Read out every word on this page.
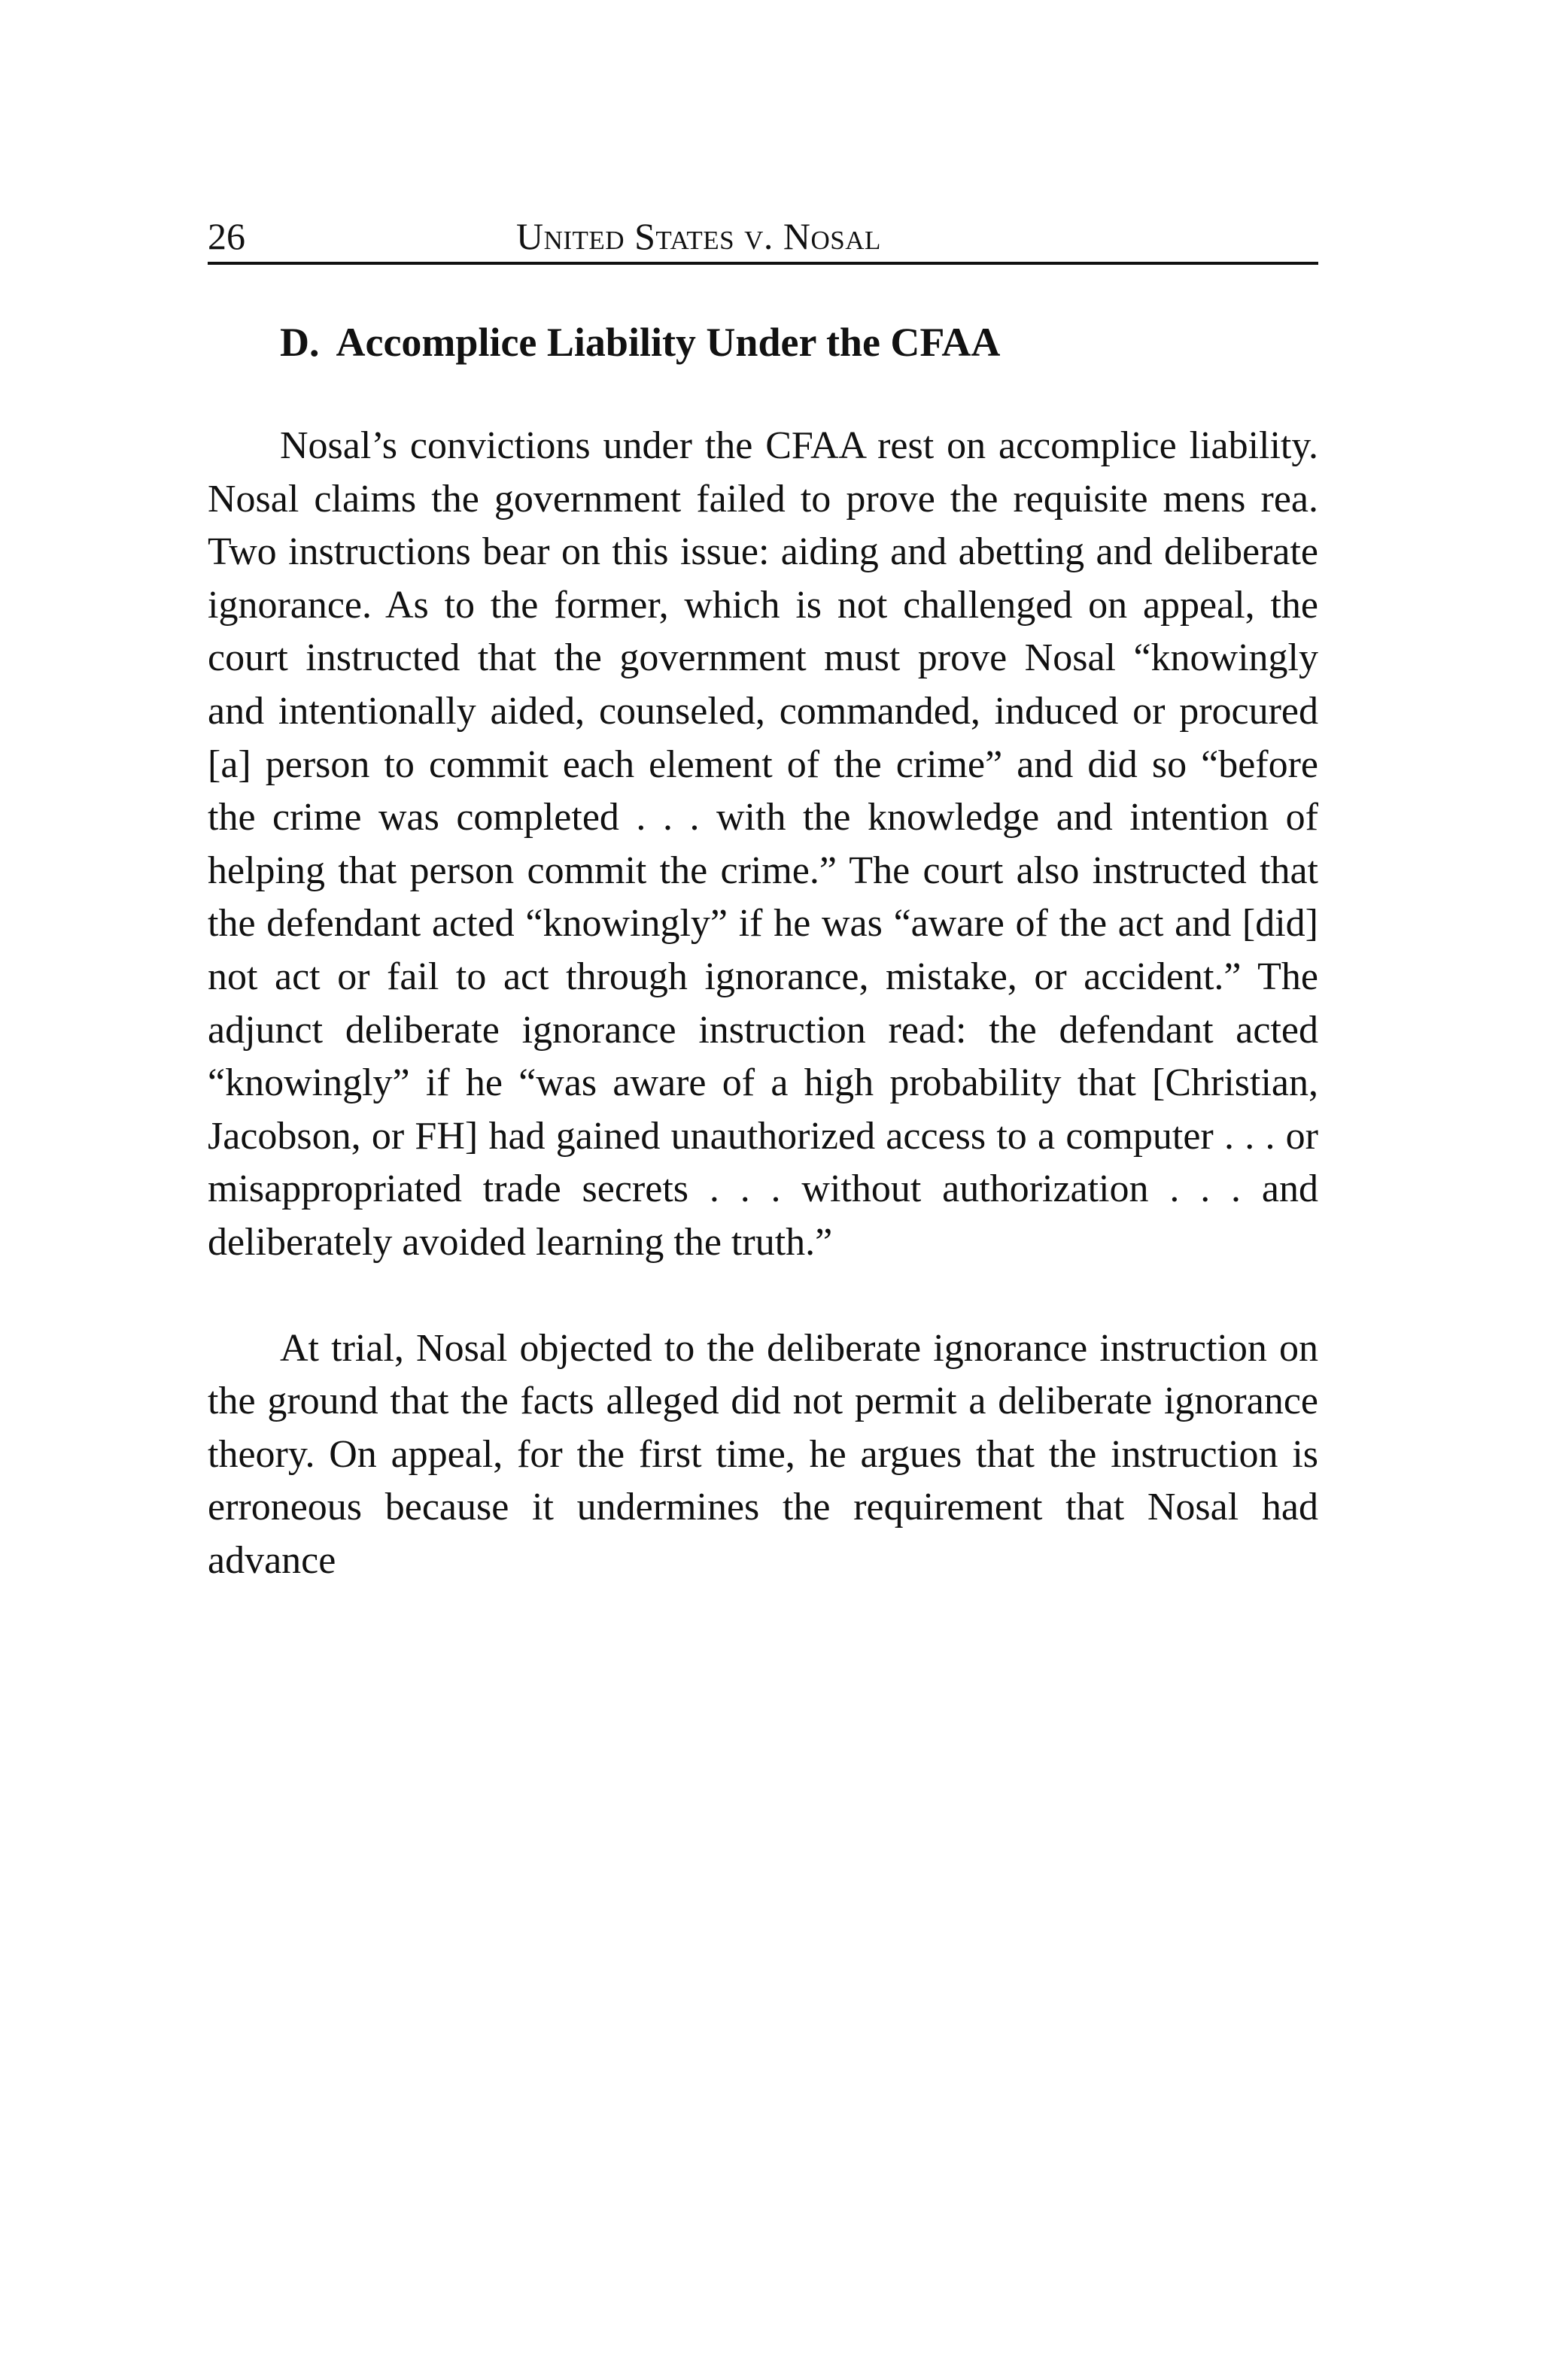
26	United States v. Nosal
D. Accomplice Liability Under the CFAA

Nosal’s convictions under the CFAA rest on accomplice liability. Nosal claims the government failed to prove the requisite mens rea. Two instructions bear on this issue: aiding and abetting and deliberate ignorance. As to the former, which is not challenged on appeal, the court instructed that the government must prove Nosal “knowingly and intentionally aided, counseled, commanded, induced or procured [a] person to commit each element of the crime” and did so “before the crime was completed . . . with the knowledge and intention of helping that person commit the crime.” The court also instructed that the defendant acted “knowingly” if he was “aware of the act and [did] not act or fail to act through ignorance, mistake, or accident.” The adjunct deliberate ignorance instruction read: the defendant acted “knowingly” if he “was aware of a high probability that [Christian, Jacobson, or FH] had gained unauthorized access to a computer . . . or misappropriated trade secrets . . . without authorization . . . and deliberately avoided learning the truth.”

At trial, Nosal objected to the deliberate ignorance instruction on the ground that the facts alleged did not permit a deliberate ignorance theory. On appeal, for the first time, he argues that the instruction is erroneous because it undermines the requirement that Nosal had advance
